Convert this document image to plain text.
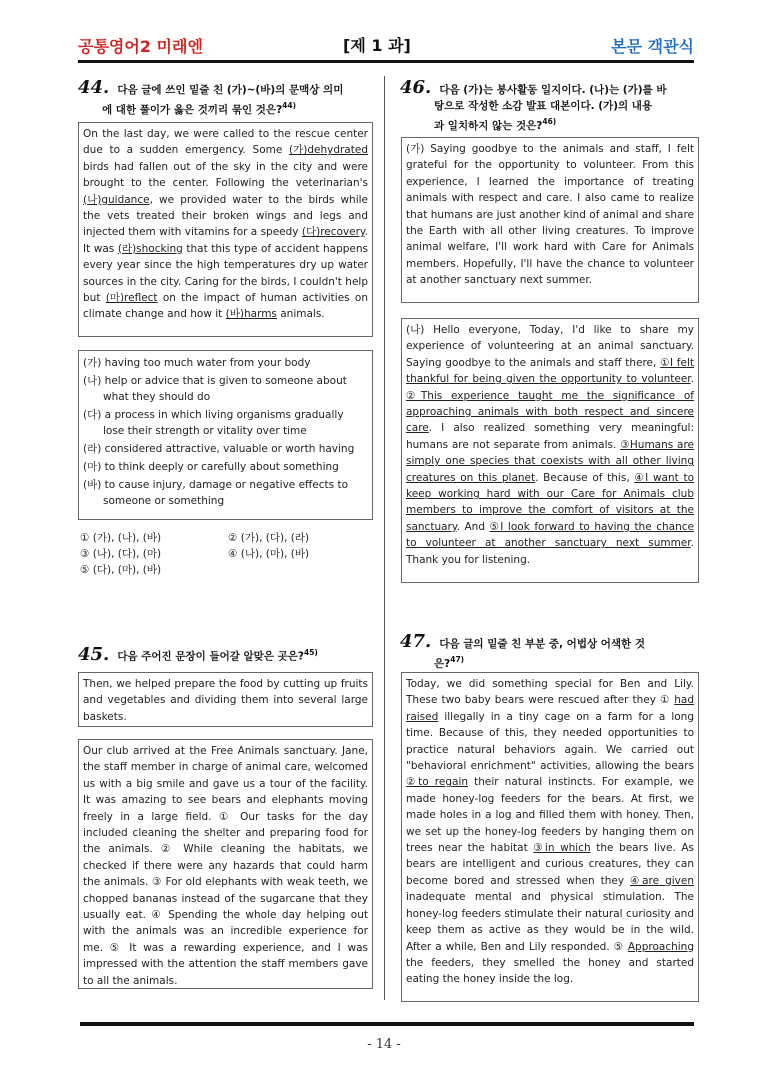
공통영어2 미래엔	[제 1 과]	본문 객관식
44. 다음 글에 쓰인 밑줄 친 (가)~(바)의 문맥상 의미
에 대한 풀이가 옳은 것끼리 묶인 것은?$^{44)}$
On the last day, we were called to the rescue center due to a sudden emergency. Some (가)dehydrated birds had fallen out of the sky in the city and were brought to the center. Following the veterinarian's (나)guidance, we provided water to the birds while the vets treated their broken wings and legs and injected them with vitamins for a speedy (다)recovery. It was (라)shocking that this type of accident happens every year since the high temperatures dry up water sources in the city. Caring for the birds, I couldn't help but (마)reflect on the impact of human activities on climate change and how it (바)harms animals.
(가) having too much water from your body
(나) help or advice that is given to someone about what they should do
(다) a process in which living organisms gradually lose their strength or vitality over time
(라) considered attractive, valuable or worth having
(마) to think deeply or carefully about something
(바) to cause injury, damage or negative effects to someone or something
① (가), (나), (바)	② (가), (다), (라)
③ (나), (다), (마)	④ (나), (마), (바)
⑤ (다), (마), (바)
45. 다음 주어진 문장이 들어갈 알맞은 곳은?$^{45)}$
Then, we helped prepare the food by cutting up fruits and vegetables and dividing them into several large baskets.
Our club arrived at the Free Animals sanctuary. Jane, the staff member in charge of animal care, welcomed us with a big smile and gave us a tour of the facility. It was amazing to see bears and elephants moving freely in a large field. ① Our tasks for the day included cleaning the shelter and preparing food for the animals. ② While cleaning the habitats, we checked if there were any hazards that could harm the animals. ③ For old elephants with weak teeth, we chopped bananas instead of the sugarcane that they usually eat. ④ Spending the whole day helping out with the animals was an incredible experience for me. ⑤ It was a rewarding experience, and I was impressed with the attention the staff members gave to all the animals.
46. 다음 (가)는 봉사활동 일지이다. (나)는 (가)를 바
탕으로 작성한 소감 발표 대본이다. (가)의 내용
과 일치하지 않는 것은?$^{46)}$
(가) Saying goodbye to the animals and staff, I felt grateful for the opportunity to volunteer. From this experience, I learned the importance of treating animals with respect and care. I also came to realize that humans are just another kind of animal and share the Earth with all other living creatures. To improve animal welfare, I'll work hard with Care for Animals members. Hopefully, I'll have the chance to volunteer at another sanctuary next summer.
(나) Hello everyone, Today, I'd like to share my experience of volunteering at an animal sanctuary. Saying goodbye to the animals and staff there, ①I felt thankful for being given the opportunity to volunteer. ②This experience taught me the significance of approaching animals with both respect and sincere care. I also realized something very meaningful: humans are not separate from animals. ③Humans are simply one species that coexists with all other living creatures on this planet. Because of this, ④I want to keep working hard with our Care for Animals club members to improve the comfort of visitors at the sanctuary. And ⑤I look forward to having the chance to volunteer at another sanctuary next summer. Thank you for listening.
47. 다음 글의 밑줄 친 부분 중, 어법상 어색한 것
은?$^{47)}$
Today, we did something special for Ben and Lily. These two baby bears were rescued after they ① had raised illegally in a tiny cage on a farm for a long time. Because of this, they needed opportunities to practice natural behaviors again. We carried out "behavioral enrichment" activities, allowing the bears ②to regain their natural instincts. For example, we made honey-log feeders for the bears. At first, we made holes in a log and filled them with honey. Then, we set up the honey-log feeders by hanging them on trees near the habitat ③in which the bears live. As bears are intelligent and curious creatures, they can become bored and stressed when they ④are given inadequate mental and physical stimulation. The honey-log feeders stimulate their natural curiosity and keep them as active as they would be in the wild. After a while, Ben and Lily responded. ⑤ Approaching the feeders, they smelled the honey and started eating the honey inside the log.
- 14 -
